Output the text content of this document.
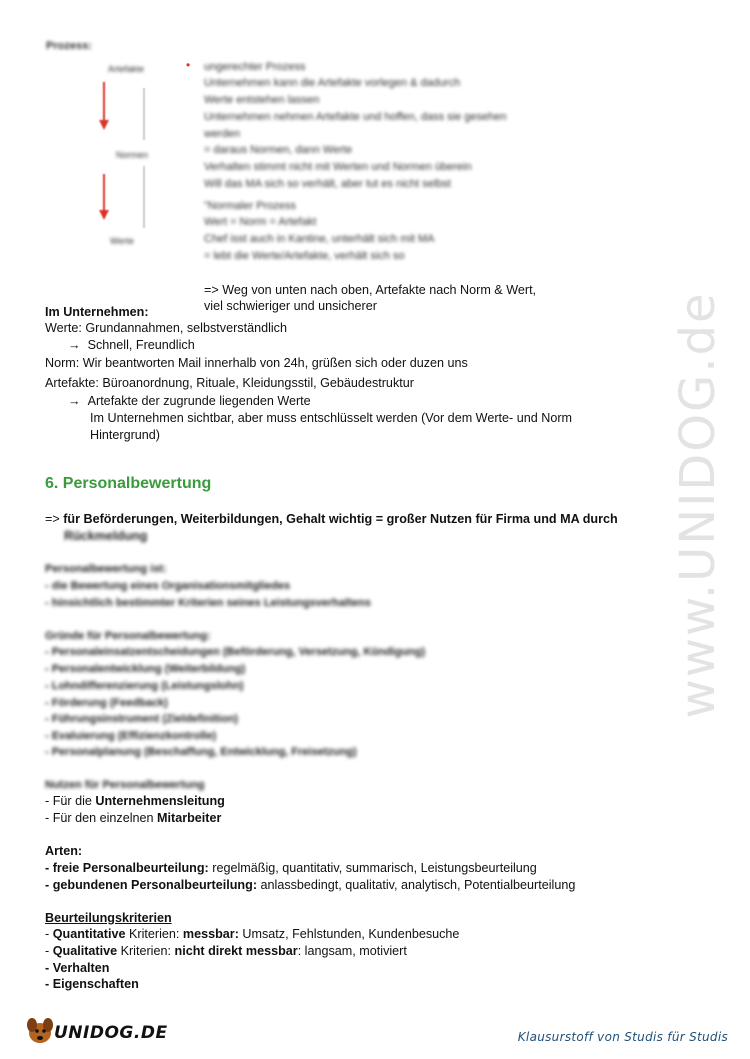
www.UNIDOG.de
Prozess:
Artefakte
Normen
Werte
• ungerechter Prozess
Unternehmen kann die Artefakte vorlegen & dadurch
Werte entstehen lassen
Unternehmen nehmen Artefakte und hoffen, dass sie gesehen
werden
= daraus Normen, dann Werte
Verhalten stimmt nicht mit Werten und Normen überein
Will das MA sich so verhält, aber tut es nicht selbst
"Normaler Prozess
Wert = Norm = Artefakt
Chef isst auch in Kantine, unterhält sich mit MA
= lebt die Werte/Artefakte, verhält sich so
=> Weg von unten nach oben, Artefakte nach Norm & Wert,
viel schwieriger und unsicherer
Im Unternehmen:
Werte: Grundannahmen, selbstverständlich
→ Schnell, Freundlich
Norm: Wir beantworten Mail innerhalb von 24h, grüßen sich oder duzen uns
Artefakte: Büroanordnung, Rituale, Kleidungsstil, Gebäudestruktur
→ Artefakte der zugrunde liegenden Werte
Im Unternehmen sichtbar, aber muss entschlüsselt werden (Vor dem Werte- und Norm
Hintergrund)
6. Personalbewertung
=> für Beförderungen, Weiterbildungen, Gehalt wichtig = großer Nutzen für Firma und MA durch
Rückmeldung
Personalbewertung ist:
- die Bewertung eines Organisationsmitgliedes
- hinsichtlich bestimmter Kriterien seines Leistungsverhaltens
Gründe für Personalbewertung:
- Personaleinsatzentscheidungen (Beförderung, Versetzung, Kündigung)
- Personalentwicklung (Weiterbildung)
- Lohndifferenzierung (Leistungslohn)
- Förderung (Feedback)
- Führungsinstrument (Zieldefinition)
- Evaluierung (Effizienzkontrolle)
- Personalplanung (Beschaffung, Entwicklung, Freisetzung)
Nutzen für Personalbewertung
- Für die Unternehmensleitung
- Für den einzelnen Mitarbeiter
Arten:
- freie Personalbeurteilung: regelmäßig, quantitativ, summarisch, Leistungsbeurteilung
- gebundenen Personalbeurteilung: anlassbedingt, qualitativ, analytisch, Potentialbeurteilung
Beurteilungskriterien
- Quantitative Kriterien: messbar: Umsatz, Fehlstunden, Kundenbesuche
- Qualitative Kriterien: nicht direkt messbar: langsam, motiviert
- Verhalten
- Eigenschaften
UNIDOG.DE	Klausurstoff von Studis für Studis
